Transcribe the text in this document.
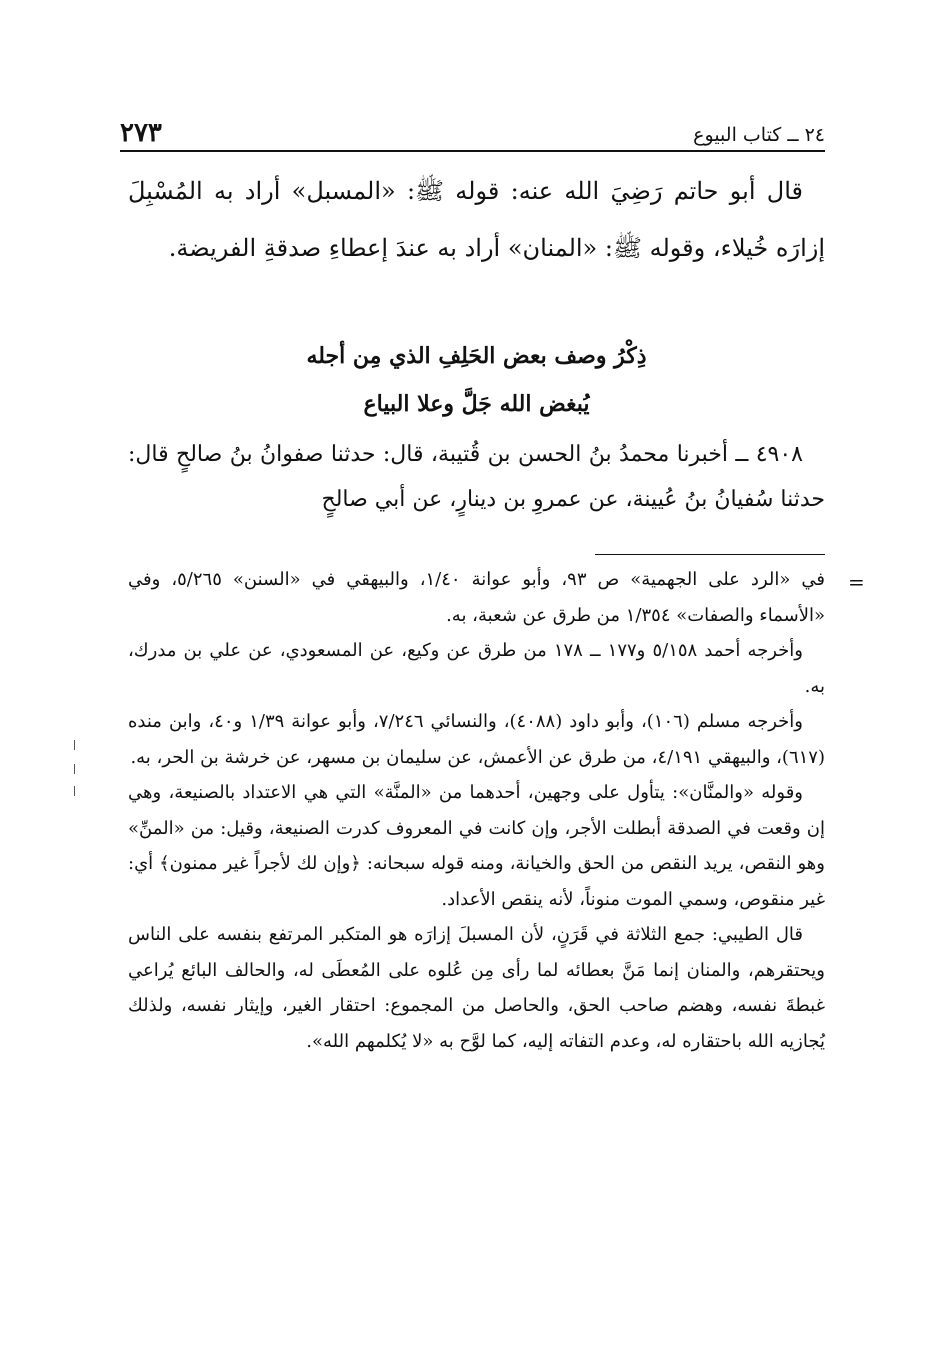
٢٧٣	٢٤ ــ كتاب البيوع

قال أبو حاتم رَضِيَ الله عنه: قوله ﷺ: «المسبل» أراد به المُسْبِلَ إزارَه خُيلاء، وقوله ﷺ: «المنان» أراد به عندَ إعطاءِ صدقةِ الفريضة.

ذِكْرُ وصف بعض الحَلِفِ الذي مِن أجله
يُبغض الله جَلَّ وعلا البياع

٤٩٠٨ ــ أخبرنا محمدُ بنُ الحسن بن قُتيبة، قال: حدثنا صفوانُ بنُ صالحٍ قال: حدثنا سُفيانُ بنُ عُيينة، عن عمروِ بن دينارٍ، عن أبي صالحٍ

=

في «الرد على الجهمية» ص ٩٣، وأبو عوانة ١/٤٠، والبيهقي في «السنن» ٥/٢٦٥، وفي «الأسماء والصفات» ١/٣٥٤ من طرق عن شعبة، به.

وأخرجه أحمد ٥/١٥٨ و١٧٧ ــ ١٧٨ من طرق عن وكيع، عن المسعودي، عن علي بن مدرك، به.

وأخرجه مسلم (١٠٦)، وأبو داود (٤٠٨٨)، والنسائي ٧/٢٤٦، وأبو عوانة ١/٣٩ و٤٠، وابن منده (٦١٧)، والبيهقي ٤/١٩١، من طرق عن الأعمش، عن سليمان بن مسهر، عن خرشة بن الحر، به.

وقوله «والمنَّان»: يتأول على وجهين، أحدهما من «المنَّة» التي هي الاعتداد بالصنيعة، وهي إن وقعت في الصدقة أبطلت الأجر، وإن كانت في المعروف كدرت الصنيعة، وقيل: من «المنِّ» وهو النقص، يريد النقص من الحق والخيانة، ومنه قوله سبحانه: ﴿وإن لك لأجراً غير ممنون﴾ أي: غير منقوص، وسمي الموت منوناً، لأنه ينقص الأعداد.

قال الطيبي: جمع الثلاثة في قَرَنٍ، لأن المسبلَ إزارَه هو المتكبر المرتفع بنفسه على الناس ويحتقرهم، والمنان إنما مَنَّ بعطائه لما رأى مِن عُلوه على المُعطَى له، والحالف البائع يُراعي غبطةَ نفسه، وهضم صاحب الحق، والحاصل من المجموع: احتقار الغير، وإيثار نفسه، ولذلك يُجازيه الله باحتقاره له، وعدم التفاته إليه، كما لوَّح به «لا يُكلمهم الله».
